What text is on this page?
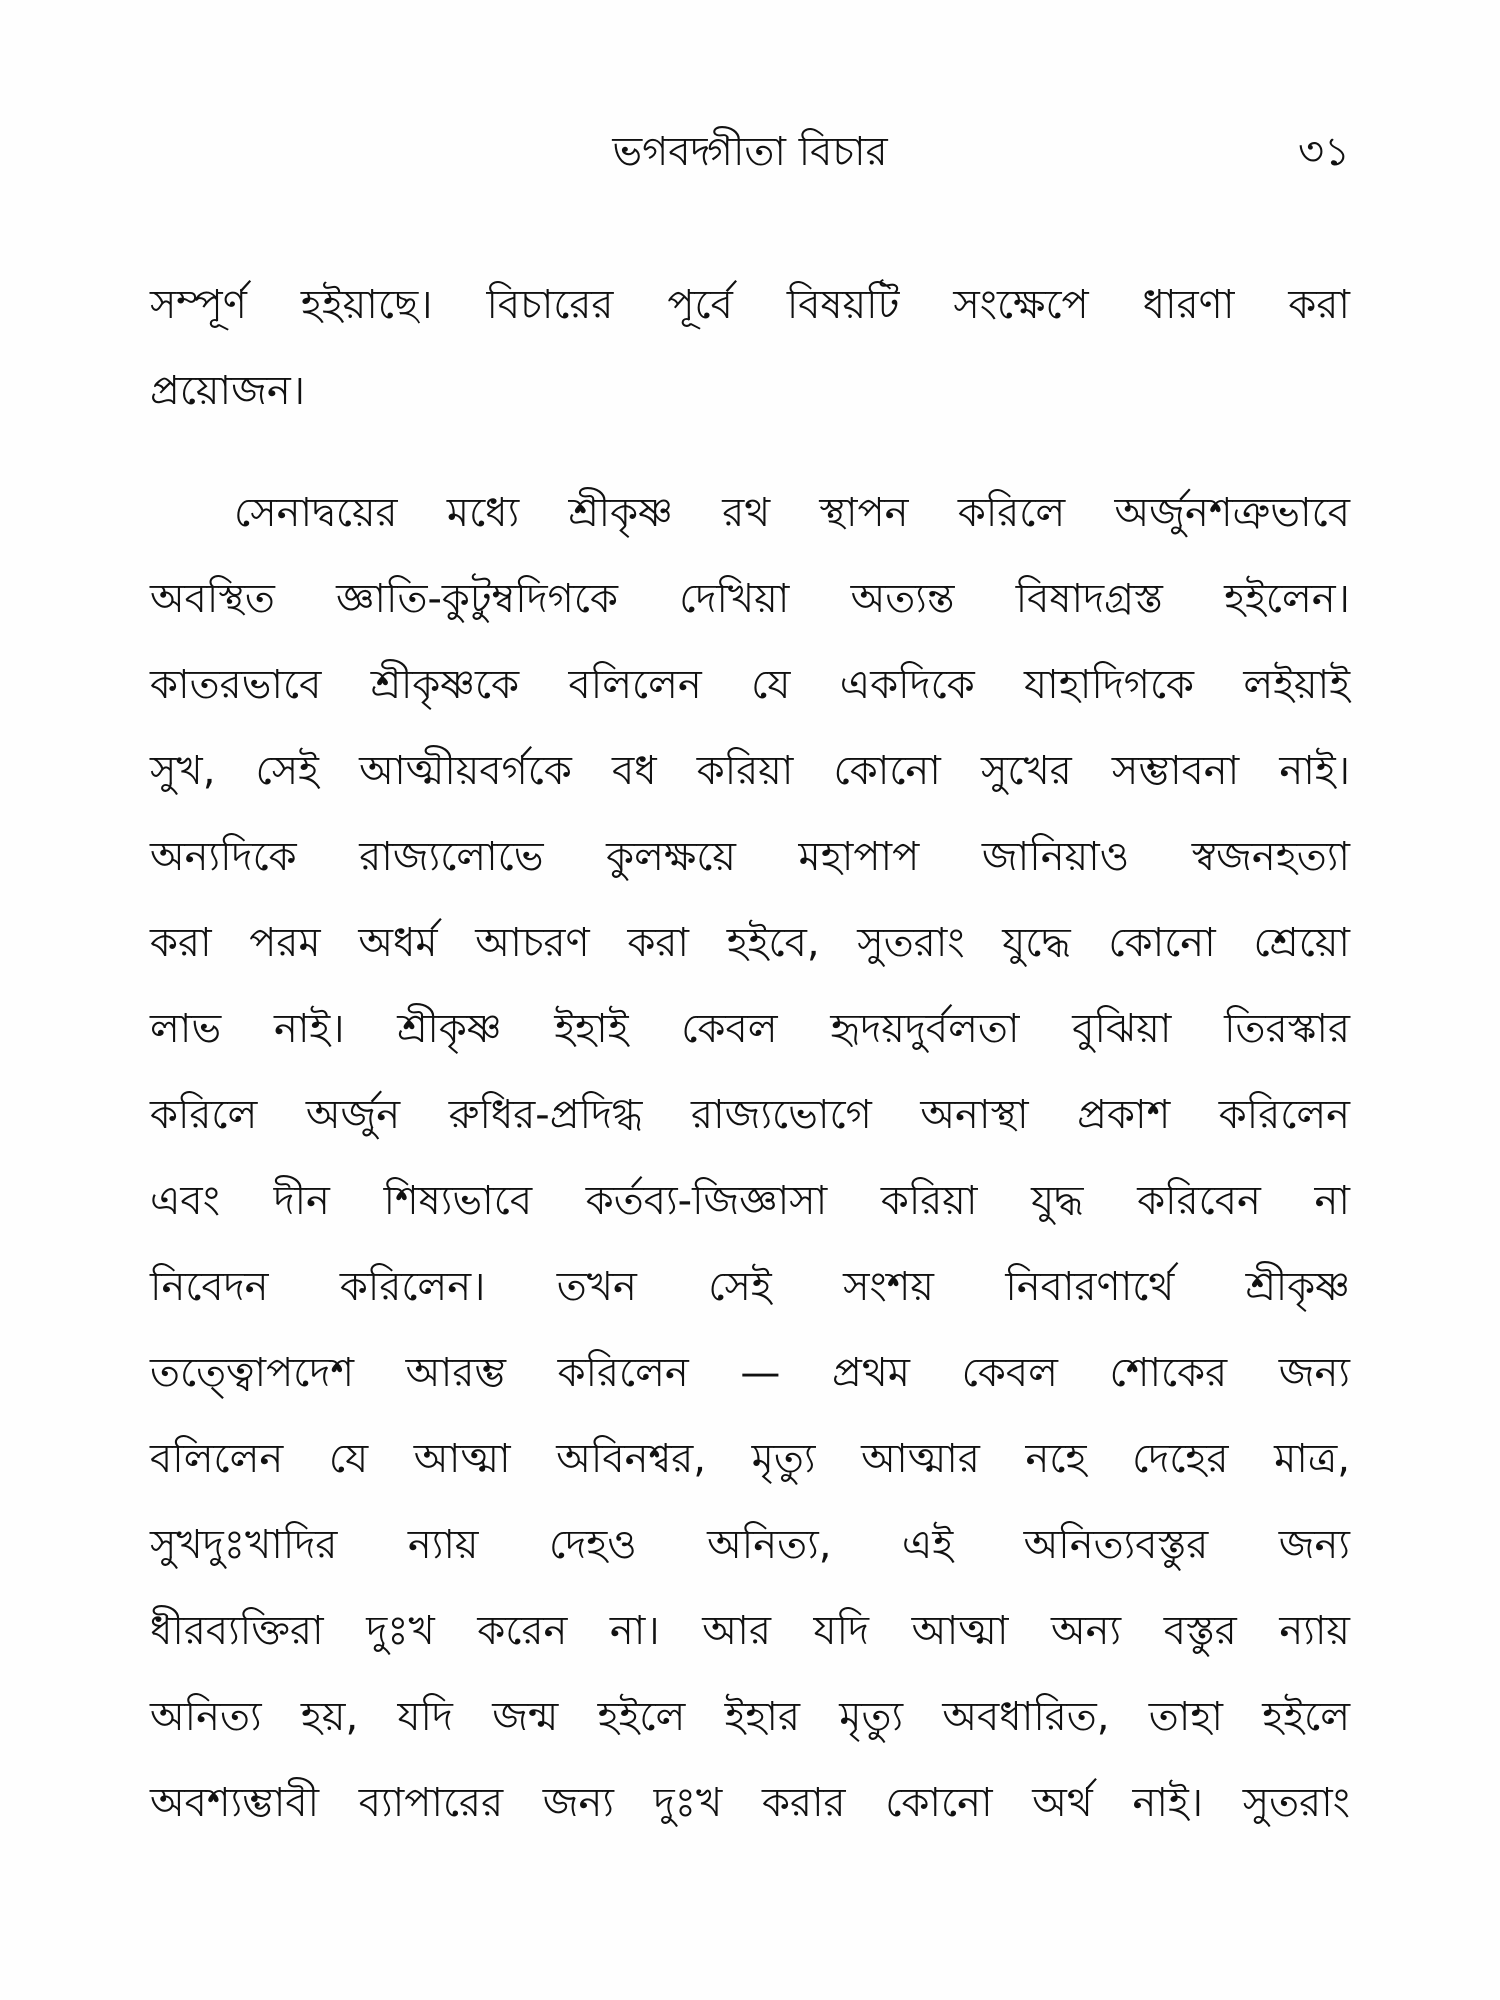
ভগবদ্গীতা বিচার	৩১
সম্পূর্ণ হইয়াছে। বিচারের পূর্বে বিষয়টি সংক্ষেপে ধারণা করা
প্রয়োজন।
সেনাদ্বয়ের মধ্যে শ্রীকৃষ্ণ রথ স্থাপন করিলে অর্জুনশত্রুভাবে
অবস্থিত জ্ঞাতি-কুটুম্বদিগকে দেখিয়া অত্যন্ত বিষাদগ্রস্ত হইলেন।
কাতরভাবে শ্রীকৃষ্ণকে বলিলেন যে একদিকে যাহাদিগকে লইয়াই
সুখ, সেই আত্মীয়বর্গকে বধ করিয়া কোনো সুখের সম্ভাবনা নাই।
অন্যদিকে রাজ্যলোভে কুলক্ষয়ে মহাপাপ জানিয়াও স্বজনহত্যা
করা পরম অধর্ম আচরণ করা হইবে, সুতরাং যুদ্ধে কোনো শ্রেয়ো
লাভ নাই। শ্রীকৃষ্ণ ইহাই কেবল হৃদয়দুর্বলতা বুঝিয়া তিরস্কার
করিলে অর্জুন রুধির-প্রদিগ্ধ রাজ্যভোগে অনাস্থা প্রকাশ করিলেন
এবং দীন শিষ্যভাবে কর্তব্য-জিজ্ঞাসা করিয়া যুদ্ধ করিবেন না
নিবেদন করিলেন। তখন সেই সংশয় নিবারণার্থে শ্রীকৃষ্ণ
তত্ত্বোপদেশ আরম্ভ করিলেন — প্রথম কেবল শোকের জন্য
বলিলেন যে আত্মা অবিনশ্বর, মৃত্যু আত্মার নহে দেহের মাত্র,
সুখদুঃখাদির ন্যায় দেহও অনিত্য, এই অনিত্যবস্তুর জন্য
ধীরব্যক্তিরা দুঃখ করেন না। আর যদি আত্মা অন্য বস্তুর ন্যায়
অনিত্য হয়, যদি জন্ম হইলে ইহার মৃত্যু অবধারিত, তাহা হইলে
অবশ্যম্ভাবী ব্যাপারের জন্য দুঃখ করার কোনো অর্থ নাই। সুতরাং
